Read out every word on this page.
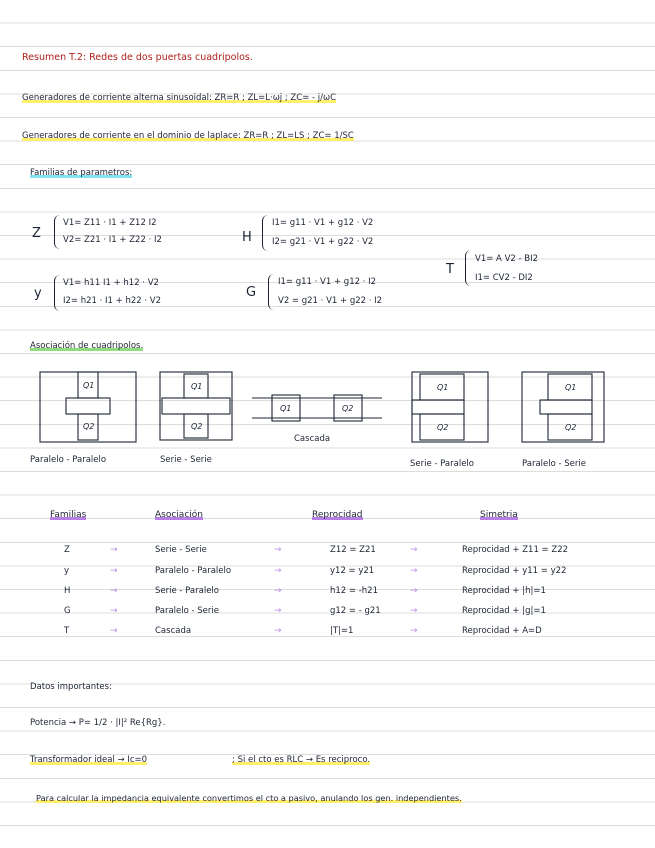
Resumen T.2: Redes de dos puertas cuadripolos.
Generadores de corriente alterna sinusoidal: ZR=R ; ZL=L·ωj ; ZC= - j/ωC
Generadores de corriente en el dominio de laplace: ZR=R ; ZL=LS ; ZC= 1/SC
Familias de parametros:
Z
V1= Z11 · I1 + Z12 I2
V2= Z21 · I1 + Z22 · I2	H
I1= g11 · V1 + g12 · V2
I2= g21 · V1 + g22 · V2
y
V1= h11 I1 + h12 · V2
I2= h21 · I1 + h22 · V2
G
I1= g11 · V1 + g12 · I2
V2 = g21 · V1 + g22 · I2
T
V1= A V2 - BI2
I1= CV2 - DI2
Asociación de cuadripolos.
Q1
Q2
Q1
Q2
Q1	Q2
Q1
Q2
Q1
Q2
Paralelo - Paralelo	Serie - Serie
Cascada
Serie - Paralelo	Paralelo - Serie
Familias	Asociación	Reprocidad	Simetria
Z	→	Serie - Serie	→	Z12 = Z21	→	Reprocidad + Z11 = Z22
y	→	Paralelo - Paralelo	→	y12 = y21	→	Reprocidad + y11 = y22
H	→	Serie - Paralelo	→	h12 = -h21	→	Reprocidad + |h|=1
G	→	Paralelo - Serie	→	g12 = - g21	→	Reprocidad + |g|=1
T	→	Cascada	→	|T|=1	→	Reprocidad + A=D
Datos importantes:
Potencia → P= 1/2 · |I|² Re{Rg}.
Transformador ideal → Ic=0	; Si el cto es RLC → Es reciproco.
Para calcular la impedancia equivalente convertimos el cto a pasivo, anulando los gen. independientes.
